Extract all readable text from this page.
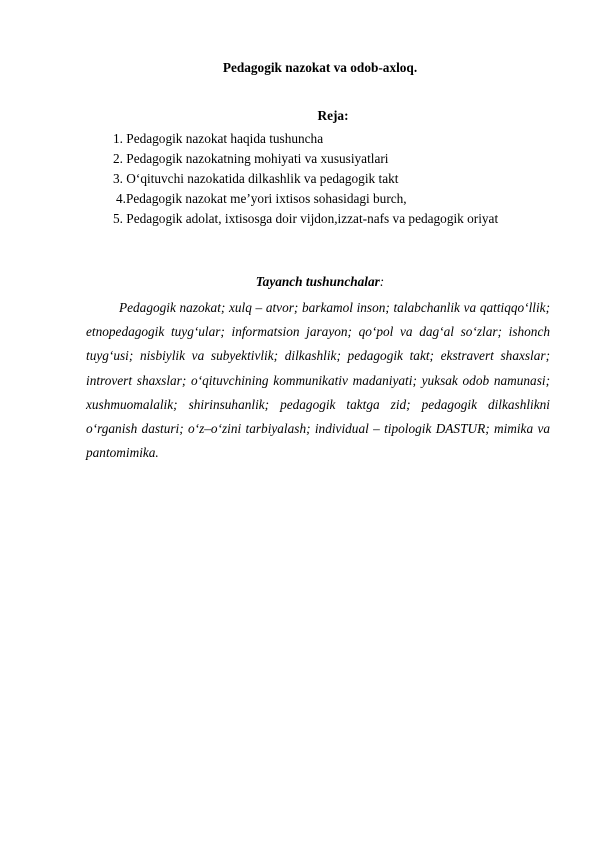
Pedagogik nazokat va odob-axloq.
Reja:
1. Pedagogik nazokat haqida tushuncha
2. Pedagogik nazokatning mohiyati va xususiyatlari
3. O‘qituvchi nazokatida dilkashlik va pedagogik takt
4.Pedagogik nazokat me’yori ixtisos sohasidagi burch,
5. Pedagogik adolat, ixtisosga doir vijdon,izzat-nafs va pedagogik oriyat
Tayanch tushunchalar:

Pedagogik nazokat; xulq – atvor; barkamol inson; talabchanlik va qattiqqo‘llik; etnopedagogik tuyg‘ular; informatsion jarayon; qo‘pol va dag‘al so‘zlar; ishonch tuyg‘usi; nisbiylik va subyektivlik; dilkashlik; pedagogik takt; ekstravert shaxslar; introvert shaxslar; o‘qituvchining kommunikativ madaniyati; yuksak odob namunasi; xushmuomalalik; shirinsuhanlik; pedagogik taktga zid; pedagogik dilkashlikni o‘rganish dasturi; o‘z–o‘zini tarbiyalash; individual – tipologik DASTUR; mimika va pantomimika.
